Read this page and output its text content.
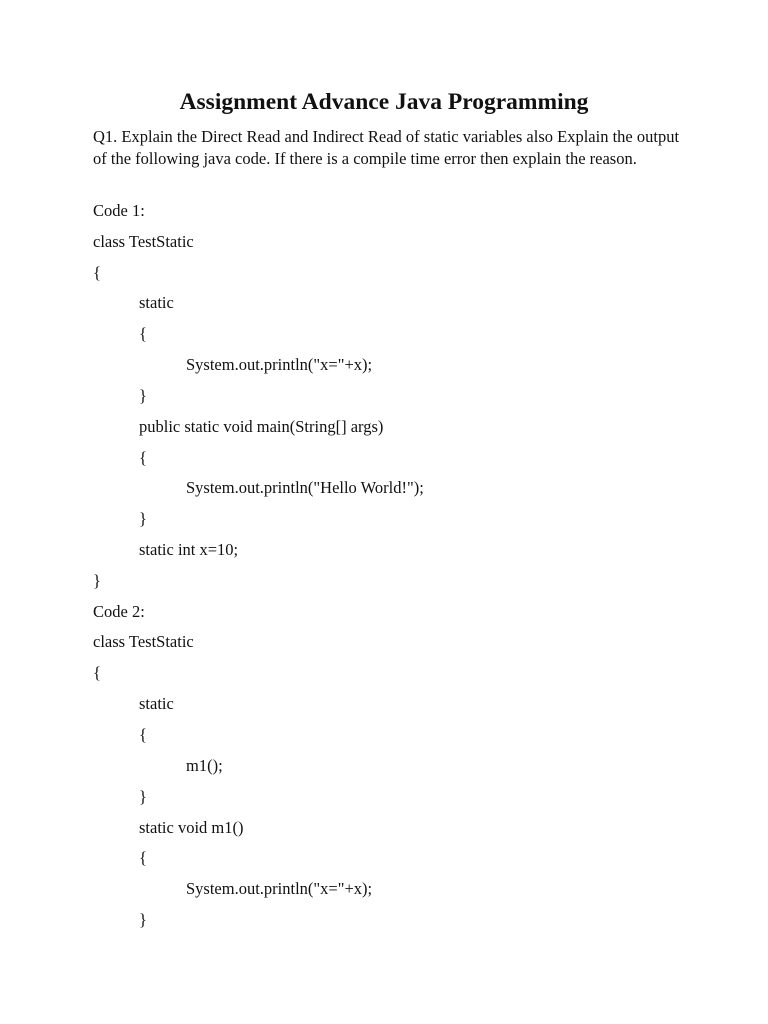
Assignment Advance Java Programming

Q1. Explain the Direct Read and Indirect Read of static variables also Explain the output of the following java code. If there is a compile time error then explain the reason.

Code 1:
class TestStatic
{
static
{
System.out.println("x="+x);
}
public static void main(String[] args)
{
System.out.println("Hello World!");
}
static int x=10;
}
Code 2:
class TestStatic
{
static
{
m1();
}
static void m1()
{
System.out.println("x="+x);
}
